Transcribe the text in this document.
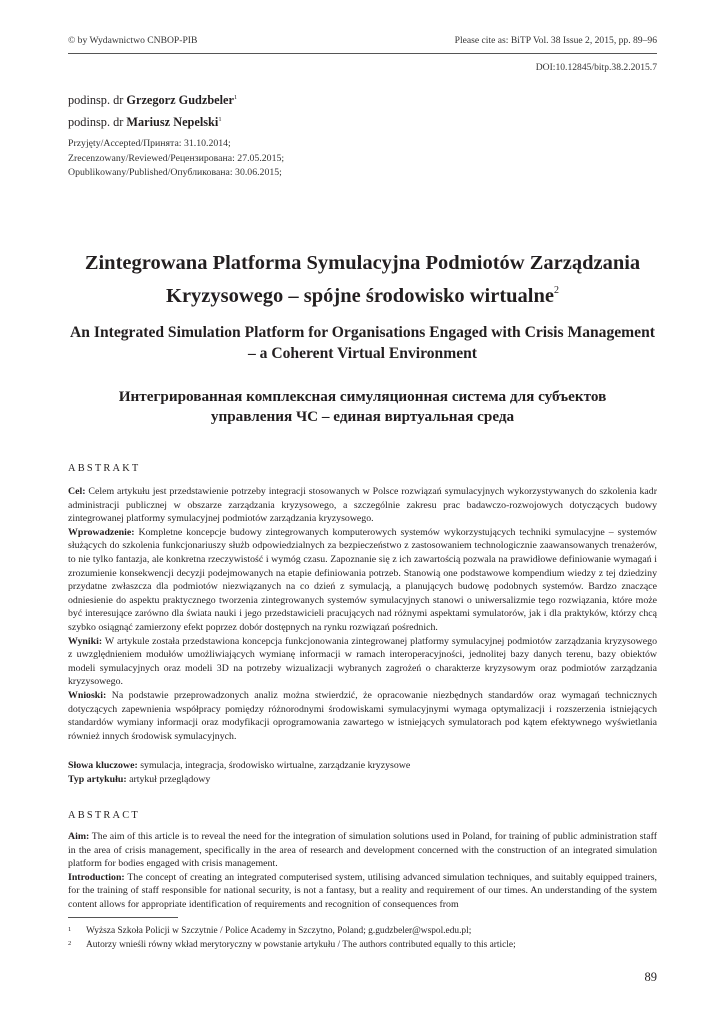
© by Wydawnictwo CNBOP-PIB	Please cite as: BiTP Vol. 38 Issue 2, 2015, pp. 89–96
DOI:10.12845/bitp.38.2.2015.7
podinsp. dr Grzegorz Gudzbeler$^1$
podinsp. dr Mariusz Nepelski$^1$
Przyjęty/Accepted/Принята: 31.10.2014;
Zrecenzowany/Reviewed/Рецензирована: 27.05.2015;
Opublikowany/Published/Опубликована: 30.06.2015;
Zintegrowana Platforma Symulacyjna Podmiotów Zarządzania
Kryzysowego – spójne środowisko wirtualne$^2$
An Integrated Simulation Platform for Organisations Engaged with Crisis Management
– a Coherent Virtual Environment
Интегрированная комплексная симуляционная система для субъектов
управления ЧС – единая виртуальная среда
ABSTRAKT

Cel: Celem artykułu jest przedstawienie potrzeby integracji stosowanych w Polsce rozwiązań symulacyjnych wykorzystywanych do szkolenia kadr administracji publicznej w obszarze zarządzania kryzysowego, a szczególnie zakresu prac badawczo-rozwojowych dotyczących budowy zintegrowanej platformy symulacyjnej podmiotów zarządzania kryzysowego.

Wprowadzenie: Kompletne koncepcje budowy zintegrowanych komputerowych systemów wykorzystujących techniki symulacyjne – systemów służących do szkolenia funkcjonariuszy służb odpowiedzialnych za bezpieczeństwo z zastosowaniem technologicznie zaawansowanych trenażerów, to nie tylko fantazja, ale konkretna rzeczywistość i wymóg czasu. Zapoznanie się z ich zawartością pozwala na prawidłowe definiowanie wymagań i zrozumienie konsekwencji decyzji podejmowanych na etapie definiowania potrzeb. Stanowią one podstawowe kompendium wiedzy z tej dziedziny przydatne zwłaszcza dla podmiotów niezwiązanych na co dzień z symulacją, a planujących budowę podobnych systemów. Bardzo znaczące odniesienie do aspektu praktycznego tworzenia zintegrowanych systemów symulacyjnych stanowi o uniwersalizmie tego rozwiązania, które może być interesujące zarówno dla świata nauki i jego przedstawicieli pracujących nad różnymi aspektami symulatorów, jak i dla praktyków, którzy chcą szybko osiągnąć zamierzony efekt poprzez dobór dostępnych na rynku rozwiązań pośrednich.

Wyniki: W artykule została przedstawiona koncepcja funkcjonowania zintegrowanej platformy symulacyjnej podmiotów zarządzania kryzysowego z uwzględnieniem modułów umożliwiających wymianę informacji w ramach interoperacyjności, jednolitej bazy danych terenu, bazy obiektów modeli symulacyjnych oraz modeli 3D na potrzeby wizualizacji wybranych zagrożeń o charakterze kryzysowym oraz podmiotów zarządzania kryzysowego.

Wnioski: Na podstawie przeprowadzonych analiz można stwierdzić, że opracowanie niezbędnych standardów oraz wymagań technicznych dotyczących zapewnienia współpracy pomiędzy różnorodnymi środowiskami symulacyjnymi wymaga optymalizacji i rozszerzenia istniejących standardów wymiany informacji oraz modyfikacji oprogramowania zawartego w istniejących symulatorach pod kątem efektywnego wyświetlania również innych środowisk symulacyjnych.

Słowa kluczowe: symulacja, integracja, środowisko wirtualne, zarządzanie kryzysowe

Typ artykułu: artykuł przeglądowy

ABSTRACT

Aim: The aim of this article is to reveal the need for the integration of simulation solutions used in Poland, for training of public administration staff in the area of crisis management, specifically in the area of research and development concerned with the construction of an integrated simulation platform for bodies engaged with crisis management.

Introduction: The concept of creating an integrated computerised system, utilising advanced simulation techniques, and suitably equipped trainers, for the training of staff responsible for national security, is not a fantasy, but a reality and requirement of our times. An understanding of the system content allows for appropriate identification of requirements and recognition of consequences from

1 Wyższa Szkoła Policji w Szczytnie / Police Academy in Szczytno, Poland; g.gudzbeler@wspol.edu.pl;
2 Autorzy wnieśli równy wkład merytoryczny w powstanie artykułu / The authors contributed equally to this article;
89
